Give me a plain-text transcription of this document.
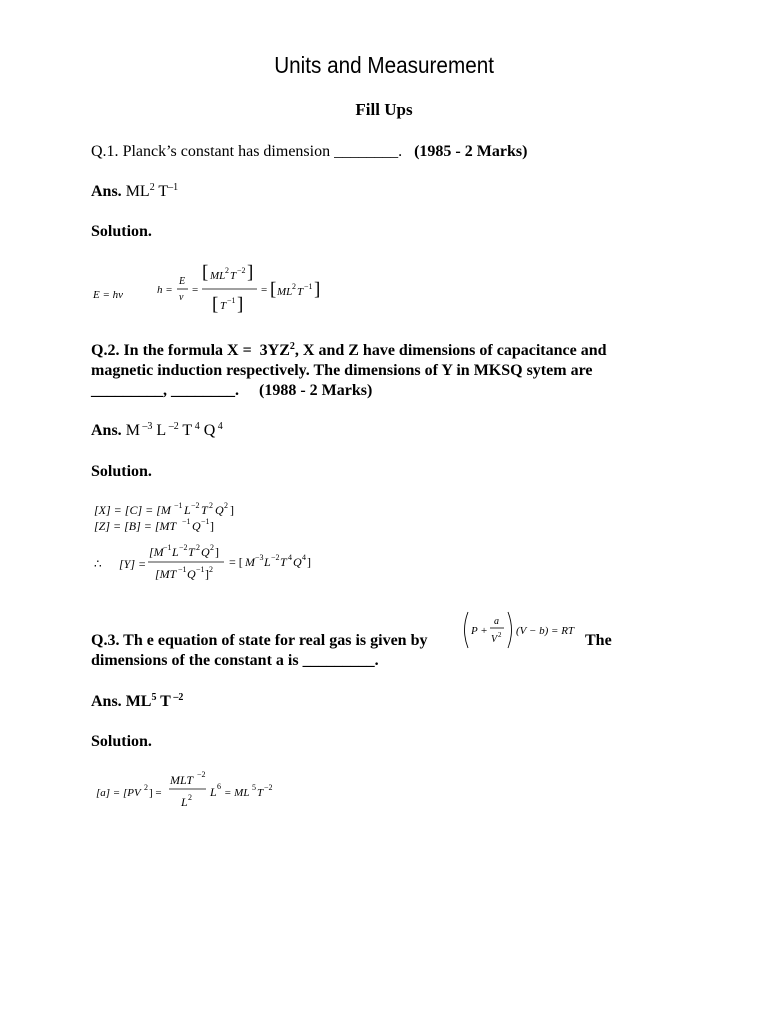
Units and Measurement
Fill Ups
Q.1. Planck’s constant has dimension ________. (1985 - 2 Marks)
Ans. $ML^2$ $T^{-1}$
Solution.
E = hν	h =
E
ν
=
[ ML 2 T −2 ]
[ T −1 ]
= [ ML 2 T −1 ]
Q.2. In the formula $X = 3YZ^2$, X and Z have dimensions of capacitance and
magnetic induction respectively. The dimensions of Y in MKSQ sytem are
_________, ________. (1988 - 2 Marks)
Ans. M $^{-3}$ L $^{-2}$ T $^4$ Q $^4$
Solution.
[X] = [C] = [M −1 L −2 T 2 Q 2 ]
[Z] = [B] = [MT −1 Q −1 ]
∴ [Y] =
[M −1 L −2 T 2 Q 2 ]
[MT −1 Q −1 ] 2
= [ M −3 L −2 T 4 Q 4 ]
Q.3. Th e equation of state for real gas is given by
P +
a
V 2 (V − b) = RT
The
dimensions of the constant a is _________.
Ans. $ML^5$ T $^{-2}$
Solution.
[a] = [PV 2 ] =
MLT −2
L 2 L 6
= ML 5 T −2
